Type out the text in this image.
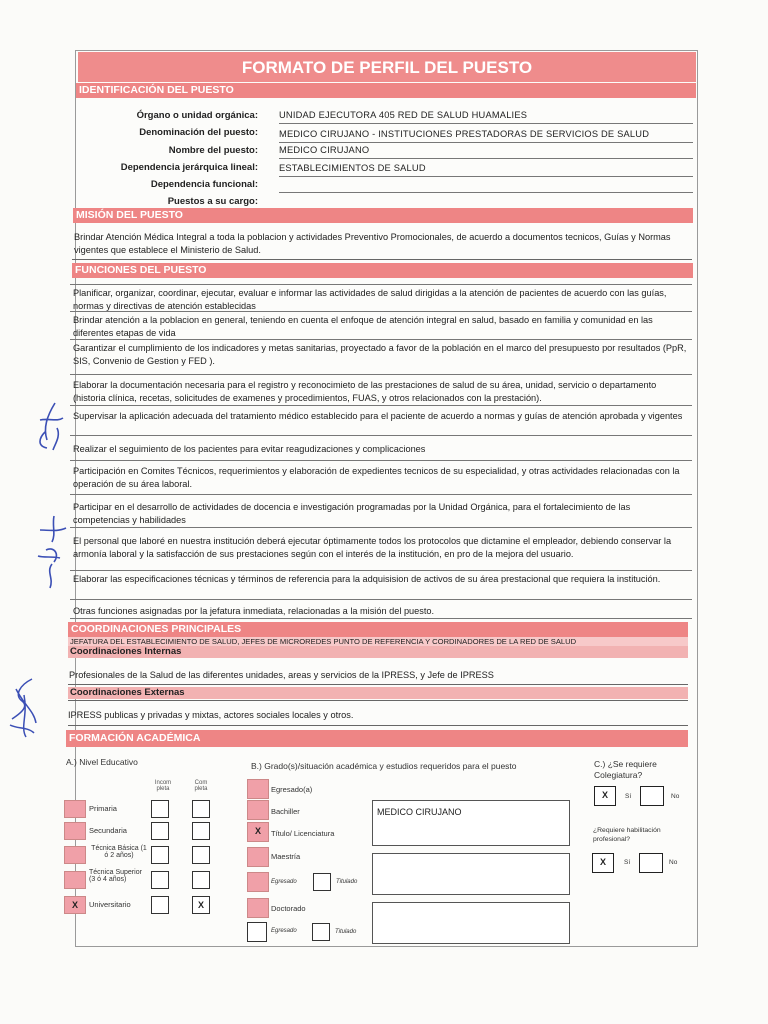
FORMATO DE PERFIL DEL PUESTO
IDENTIFICACIÓN DEL PUESTO
Órgano o unidad orgánica: UNIDAD EJECUTORA 405 RED DE SALUD HUAMALIES
Denominación del puesto: MEDICO CIRUJANO - INSTITUCIONES PRESTADORAS DE SERVICIOS DE SALUD
Nombre del puesto: MEDICO CIRUJANO
Dependencia jerárquica lineal: ESTABLECIMIENTOS DE SALUD
Dependencia funcional:
Puestos a su cargo:
MISIÓN DEL PUESTO
Brindar Atención Médica Integral a toda la poblacion y actividades Preventivo Promocionales, de acuerdo a documentos tecnicos, Guías y Normas vigentes que establece el Ministerio de Salud.
FUNCIONES DEL PUESTO
Planificar, organizar, coordinar, ejecutar, evaluar e informar las actividades de salud dirigidas a la atención de pacientes de acuerdo con las guías, normas y directivas de atención establecidas
Brindar atención a la poblacion en general, teniendo en cuenta el enfoque de atención integral en salud, basado en familia y comunidad en las diferentes etapas de vida
Garantizar el cumplimiento de los indicadores y metas sanitarias, proyectado a favor de la población en el marco del presupuesto por resultados (PpR, SIS, Convenio de Gestion y FED ).
Elaborar la documentación necesaria para el registro y reconocimieto de las prestaciones de salud de su área, unidad, servicio o departamento (historia clínica, recetas, solicitudes de examenes y procedimientos, FUAS, y otros relacionados con la prestación).
Supervisar la aplicación adecuada del tratamiento médico establecido para el paciente de acuerdo a normas y guías de atención aprobada y vigentes
Realizar el seguimiento de los pacientes para evitar reagudizaciones y complicaciones
Participación en Comites Técnicos, requerimientos y elaboración de expedientes tecnicos de su especialidad, y otras actividades relacionadas con la operación de su área laboral.
Participar en el desarrollo de actividades de docencia e investigación programadas por la Unidad Orgánica, para el fortalecimiento de las competencias y habilidades
El personal que laboré en nuestra institución deberá ejecutar óptimamente todos los protocolos que dictamine el empleador, debiendo conservar la armonía laboral y la satisfacción de sus prestaciones según con el interés de la institución, en pro de la mejora del usuario.
Elaborar las especificaciones técnicas y términos de referencia para la adquisision de activos de su área prestacional que requiera la institución.
Otras funciones asignadas por la jefatura inmediata, relacionadas a la misión del puesto.
COORDINACIONES PRINCIPALES
JEFATURA DEL ESTABLECIMIENTO DE SALUD, JEFES DE MICROREDES PUNTO DE REFERENCIA Y CORDINADORES DE LA RED DE SALUD
Coordinaciones Internas
Profesionales de la Salud de las diferentes unidades, areas y servicios de la IPRESS, y Jefe de IPRESS
Coordinaciones Externas
IPRESS publicas y privadas y mixtas, actores sociales locales y otros.
FORMACIÓN ACADÉMICA
A.) Nivel Educativo
Incom pleta
Com pleta
Primaria
Secundaria
Técnica Básica (1 ó 2 años)
Técnica Superior (3 ó 4 años)
X	Universitario	X
B.) Grado(s)/situación académica y estudios requeridos para el puesto
Egresado(a)
Bachiller
X	Título/ Licenciatura
MEDICO CIRUJANO
Maestría
Egresado	Titulado
Doctorado
Egresado	Titulado
C.) ¿Se requiere Colegiatura?
X	Sí	No
¿Requiere habilitación profesional?
X	Sí	No
